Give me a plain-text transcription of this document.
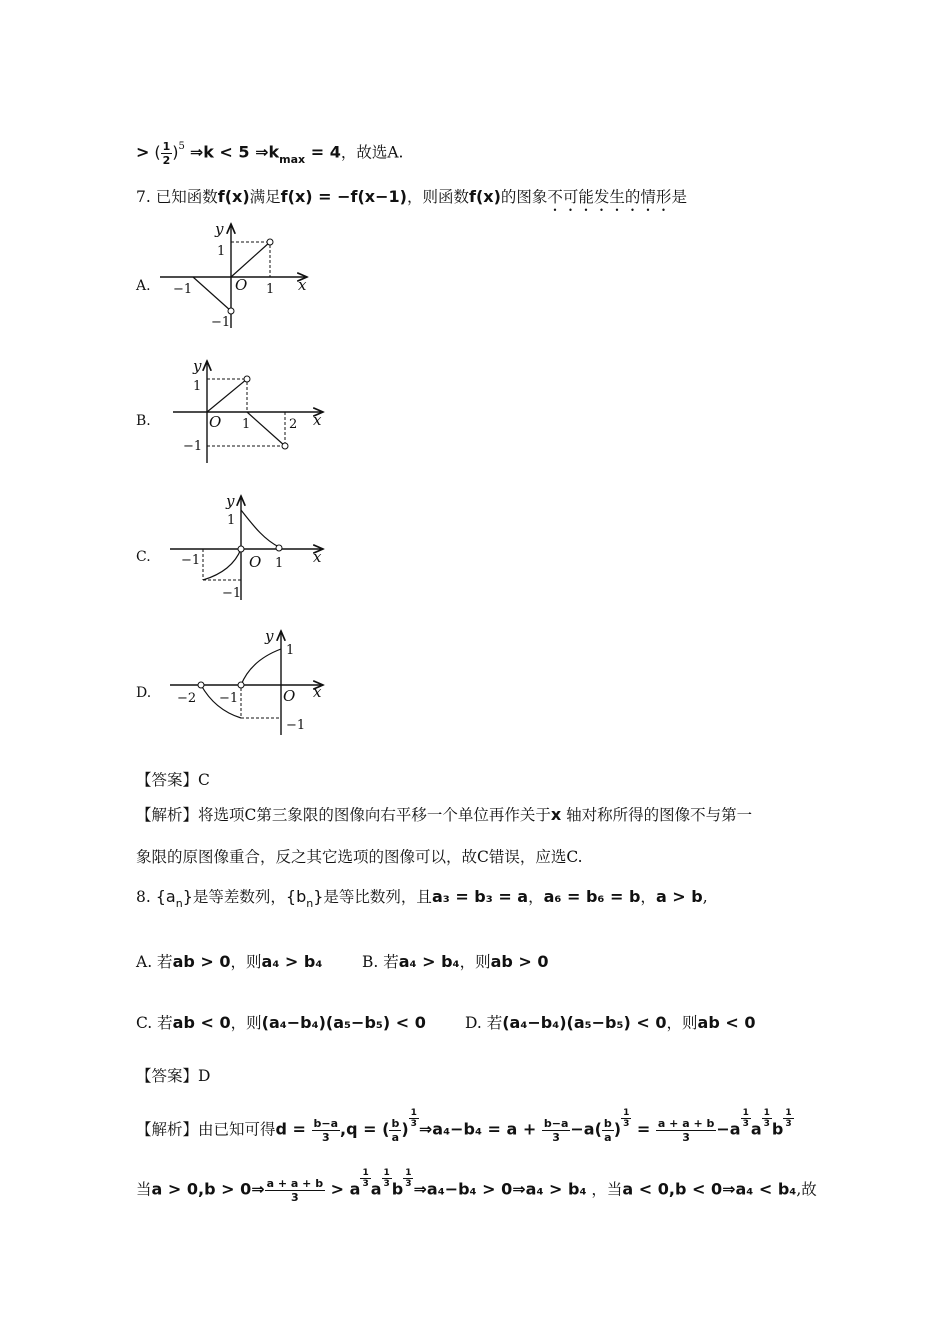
> ( $\frac{1}{2} )^5$ ⇒k < 5 $\Rightarrow k_{max} = 4$，故选A.
7. 已知函数f(x)满足f(x) = −f(x−1)，则函数f(x)的图象不可能发生的情形是
A.
y
1
−1	O 1 x
−1
B.
y
1
O 1	2 x
−1
C.
y
1
−1	O 1 x
−1
D.
y
1
−2 −1	O x
−1
【答案】C
【解析】将选项C第三象限的图像向右平移一个单位再作关于x 轴对称所得的图像不与第一
象限的原图像重合，反之其它选项的图像可以，故C错误，应选C.
8. $\{a_n\}$是等差数列，$\{b_n\}$是等比数列，且a₃ = b₃ = a，a₆ = b₆ = b，a > b,
A. 若ab > 0，则a₄ > b₄	B. 若a₄ > b₄，则ab > 0
C. 若ab < 0，则(a₄−b₄)(a₅−b₅) < 0	D. 若(a₄−b₄)(a₅−b₅) < 0，则ab < 0
【答案】D
【解析】由已知可得$d = \frac{b-a}{3} ,q$ = ( $\frac{b}{a}$ ) $\frac{1}{3}$ ⇒a₄−b₄ = $a + \frac{b-a}{3} -a( \frac{b}{a}$ ) $\frac{1}{3} = \frac{a + a + b}{3} -a \frac{1}{3}$ a $\frac{1}{3}$ b $\frac{1}{3}$
当a > 0,b > 0⇒ $\frac{a + a + b}{3} > a \frac{1}{3}$ a $\frac{1}{3}$ b $\frac{1}{3}$ ⇒a₄−b₄ > 0⇒a₄ > b₄ ，当a < 0,b < 0⇒a₄ < b₄,故
